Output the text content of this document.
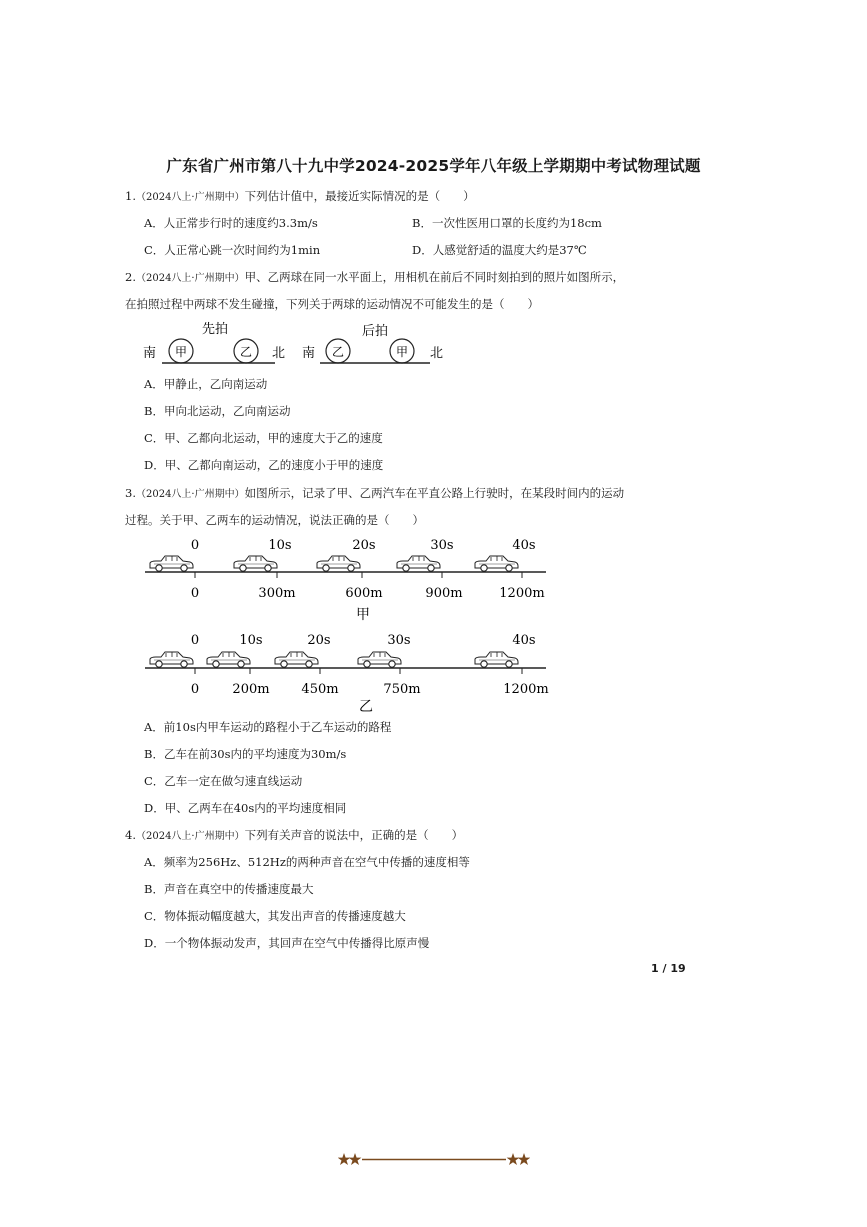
广东省广州市第八十九中学2024-2025学年八年级上学期期中考试物理试题
1.（2024八上·广州期中）下列估计值中，最接近实际情况的是（　　）
A．人正常步行时的速度约3.3m/s	B．一次性医用口罩的长度约为18cm
C．人正常心跳一次时间约为1min	D．人感觉舒适的温度大约是37℃
2.（2024八上·广州期中）甲、乙两球在同一水平面上，用相机在前后不同时刻拍到的照片如图所示，
在拍照过程中两球不发生碰撞，下列关于两球的运动情况不可能发生的是（　　）
先拍	后拍
南 甲	乙 北 南 乙	甲 北
A．甲静止，乙向南运动
B．甲向北运动，乙向南运动
C．甲、乙都向北运动，甲的速度大于乙的速度
D．甲、乙都向南运动，乙的速度小于甲的速度
3.（2024八上·广州期中）如图所示，记录了甲、乙两汽车在平直公路上行驶时，在某段时间内的运动
过程。关于甲、乙两车的运动情况，说法正确的是（　　）
0
0
10s
300m
20s
600m
30s
900m
40s
1200m
0
0
10s
200m
20s
450m
30s
750m
40s
1200m
甲
乙
A．前10s内甲车运动的路程小于乙车运动的路程
B．乙车在前30s内的平均速度为30m/s
C．乙车一定在做匀速直线运动
D．甲、乙两车在40s内的平均速度相同
4.（2024八上·广州期中）下列有关声音的说法中，正确的是（　　）
A．频率为256Hz、512Hz的两种声音在空气中传播的速度相等
B．声音在真空中的传播速度最大
C．物体振动幅度越大，其发出声音的传播速度越大
D．一个物体振动发声，其回声在空气中传播得比原声慢
1 / 19
